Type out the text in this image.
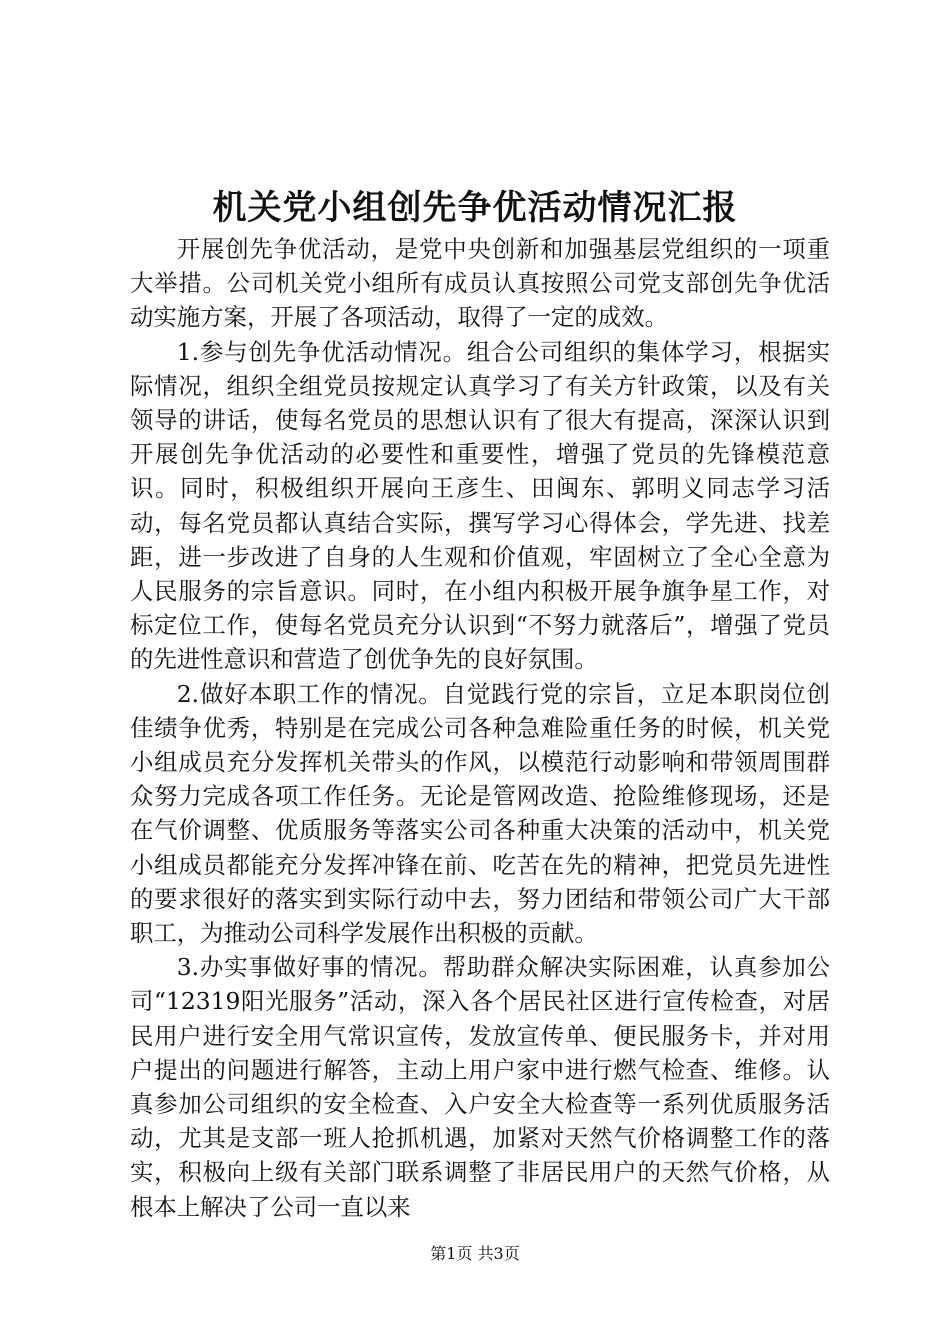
机关党小组创先争优活动情况汇报

开展创先争优活动，是党中央创新和加强基层党组织的一项重大举措。公司机关党小组所有成员认真按照公司党支部创先争优活动实施方案，开展了各项活动，取得了一定的成效。

1.参与创先争优活动情况。组合公司组织的集体学习，根据实际情况，组织全组党员按规定认真学习了有关方针政策，以及有关领导的讲话，使每名党员的思想认识有了很大有提高，深深认识到开展创先争优活动的必要性和重要性，增强了党员的先锋模范意识。同时，积极组织开展向王彦生、田闽东、郭明义同志学习活动，每名党员都认真结合实际，撰写学习心得体会，学先进、找差距，进一步改进了自身的人生观和价值观，牢固树立了全心全意为人民服务的宗旨意识。同时，在小组内积极开展争旗争星工作，对标定位工作，使每名党员充分认识到“不努力就落后”，增强了党员的先进性意识和营造了创优争先的良好氛围。

2.做好本职工作的情况。自觉践行党的宗旨，立足本职岗位创佳绩争优秀，特别是在完成公司各种急难险重任务的时候，机关党小组成员充分发挥机关带头的作风，以模范行动影响和带领周围群众努力完成各项工作任务。无论是管网改造、抢险维修现场，还是在气价调整、优质服务等落实公司各种重大决策的活动中，机关党小组成员都能充分发挥冲锋在前、吃苦在先的精神，把党员先进性的要求很好的落实到实际行动中去，努力团结和带领公司广大干部职工，为推动公司科学发展作出积极的贡献。

3.办实事做好事的情况。帮助群众解决实际困难，认真参加公司“12319阳光服务”活动，深入各个居民社区进行宣传检查，对居民用户进行安全用气常识宣传，发放宣传单、便民服务卡，并对用户提出的问题进行解答，主动上用户家中进行燃气检查、维修。认真参加公司组织的安全检查、入户安全大检查等一系列优质服务活动，尤其是支部一班人抢抓机遇，加紧对天然气价格调整工作的落实，积极向上级有关部门联系调整了非居民用户的天然气价格，从根本上解决了公司一直以来

第1页 共3页
